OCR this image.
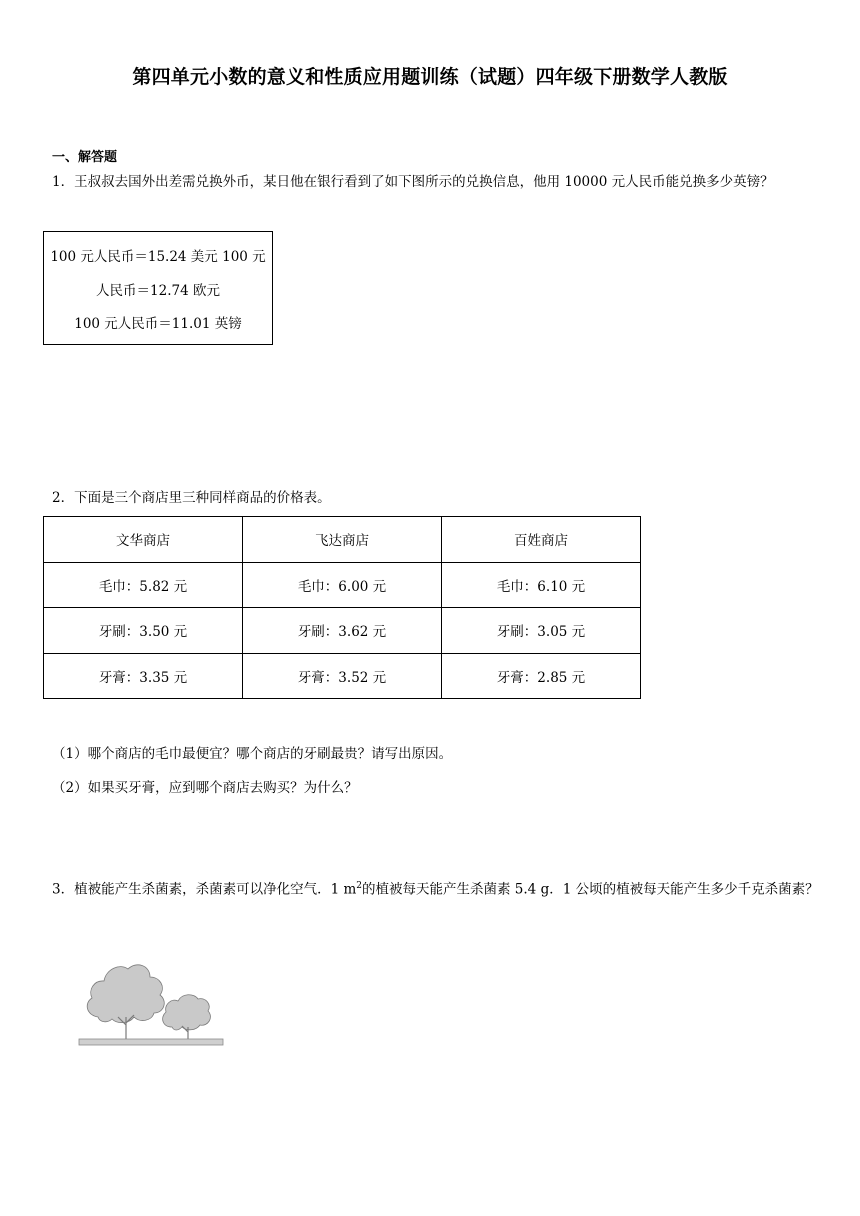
第四单元小数的意义和性质应用题训练（试题）四年级下册数学人教版
一、解答题
1．王叔叔去国外出差需兑换外币，某日他在银行看到了如下图所示的兑换信息，他用 10000 元人民币能兑换多少英镑？
100 元人民币＝15.24 美元 100 元
人民币＝12.74 欧元
100 元人民币＝11.01 英镑
2．下面是三个商店里三种同样商品的价格表。
文华商店	飞达商店	百姓商店
毛巾：5.82 元	毛巾：6.00 元	毛巾：6.10 元
牙刷：3.50 元	牙刷：3.62 元	牙刷：3.05 元
牙膏：3.35 元	牙膏：3.52 元	牙膏：2.85 元
（1）哪个商店的毛巾最便宜？哪个商店的牙刷最贵？请写出原因。
（2）如果买牙膏，应到哪个商店去购买？为什么？
3．植被能产生杀菌素，杀菌素可以净化空气．1 $m^2$的植被每天能产生杀菌素 5.4 g．1 公顷的植被每天能产生多少千克杀菌素？
